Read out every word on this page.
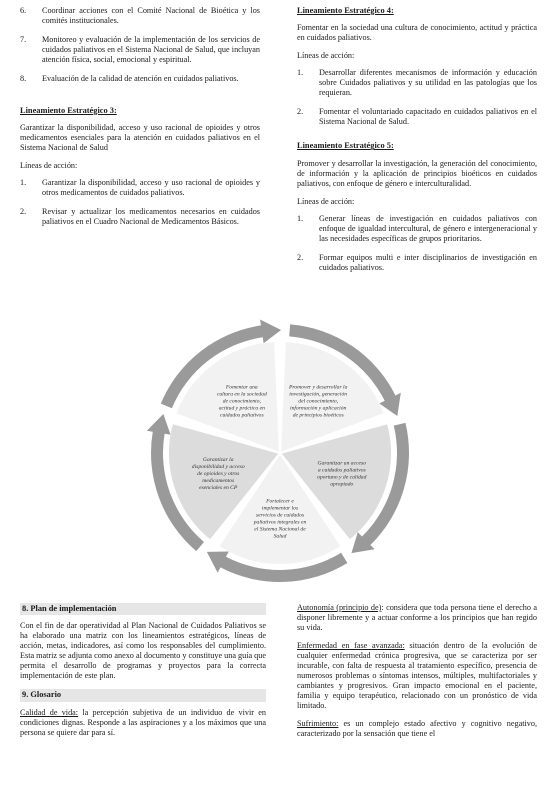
6.	Coordinar acciones con el Comité Nacional de Bioética y los comités institucionales.
7.	Monitoreo y evaluación de la implementación de los servicios de cuidados paliativos en el Sistema Nacional de Salud, que incluyan atención física, social, emocional y espiritual.
8.	Evaluación de la calidad de atención en cuidados paliativos.
Lineamiento Estratégico 3:

Garantizar la disponibilidad, acceso y uso racional de opioides y otros medicamentos esenciales para la atención en cuidados paliativos en el Sistema Nacional de Salud

Líneas de acción:
1.	Garantizar la disponibilidad, acceso y uso racional de opioides y otros medicamentos de cuidados paliativos.
2.	Revisar y actualizar los medicamentos necesarios en cuidados paliativos en el Cuadro Nacional de Medicamentos Básicos.
Lineamiento Estratégico 4:

Fomentar en la sociedad una cultura de conocimiento, actitud y práctica en cuidados paliativos.

Líneas de acción:
1.	Desarrollar diferentes mecanismos de información y educación sobre Cuidados paliativos y su utilidad en las patologías que los requieran.
2.	Fomentar el voluntariado capacitado en cuidados paliativos en el Sistema Nacional de Salud.
Lineamiento Estratégico 5:

Promover y desarrollar la investigación, la generación del conocimiento, de información y la aplicación de principios bioéticos en cuidados paliativos, con enfoque de género e interculturalidad.

Líneas de acción:
1.	Generar líneas de investigación en cuidados paliativos con enfoque de igualdad intercultural, de género e intergeneracional y las necesidades específicas de grupos prioritarios.
2.	Formar equipos multi e inter disciplinarios de investigación en cuidados paliativos.
Promover y desarrollar la investigación, generación del conocimiento, información y aplicación de principios bioéticos
Garantizar un acceso a cuidados paliativos oportuno y de calidad apropiado
Fortalecer e implementar los servicios de cuidados paliativos integrales en el Sistema Nacional de Salud
Garantizar la disponibilidad y acceso de opioides y otros medicamentos esenciales en CP
Fomentar una cultura en la sociedad de conocimiento, actitud y práctica en cuidados paliativos
8. Plan de implementación

Con el fin de dar operatividad al Plan Nacional de Cuidados Paliativos se ha elaborado una matriz con los lineamientos estratégicos, líneas de acción, metas, indicadores, así como los responsables del cumplimiento. Esta matriz se adjunta como anexo al documento y constituye una guía que permita el desarrollo de programas y proyectos para la correcta implementación de este plan.

9. Glosario

Calidad de vida: la percepción subjetiva de un individuo de vivir en condiciones dignas. Responde a las aspiraciones y a los máximos que una persona se quiere dar para sí.

Autonomía (principio de): considera que toda persona tiene el derecho a disponer libremente y a actuar conforme a los principios que han regido su vida.

Enfermedad en fase avanzada: situación dentro de la evolución de cualquier enfermedad crónica progresiva, que se caracteriza por ser incurable, con falta de respuesta al tratamiento específico, presencia de numerosos problemas o síntomas intensos, múltiples, multifactoriales y cambiantes y progresivos. Gran impacto emocional en el paciente, familia y equipo terapéutico, relacionado con un pronóstico de vida limitado.

Sufrimiento: es un complejo estado afectivo y cognitivo negativo, caracterizado por la sensación que tiene el
